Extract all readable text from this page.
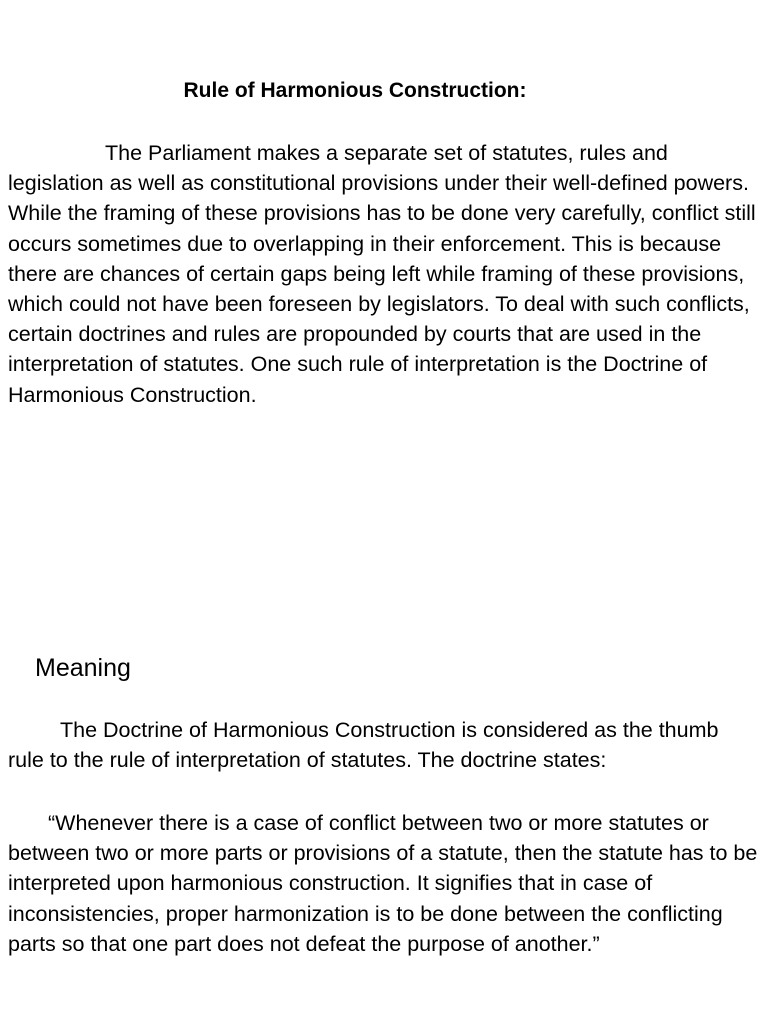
Rule of Harmonious Construction:

The Parliament makes a separate set of statutes, rules and legislation as well as constitutional provisions under their well-defined powers. While the framing of these provisions has to be done very carefully, conflict still occurs sometimes due to overlapping in their enforcement. This is because there are chances of certain gaps being left while framing of these provisions, which could not have been foreseen by legislators. To deal with such conflicts, certain doctrines and rules are propounded by courts that are used in the interpretation of statutes. One such rule of interpretation is the Doctrine of Harmonious Construction.

Meaning

The Doctrine of Harmonious Construction is considered as the thumb rule to the rule of interpretation of statutes. The doctrine states:

“Whenever there is a case of conflict between two or more statutes or between two or more parts or provisions of a statute, then the statute has to be interpreted upon harmonious construction. It signifies that in case of inconsistencies, proper harmonization is to be done between the conflicting parts so that one part does not defeat the purpose of another.”
